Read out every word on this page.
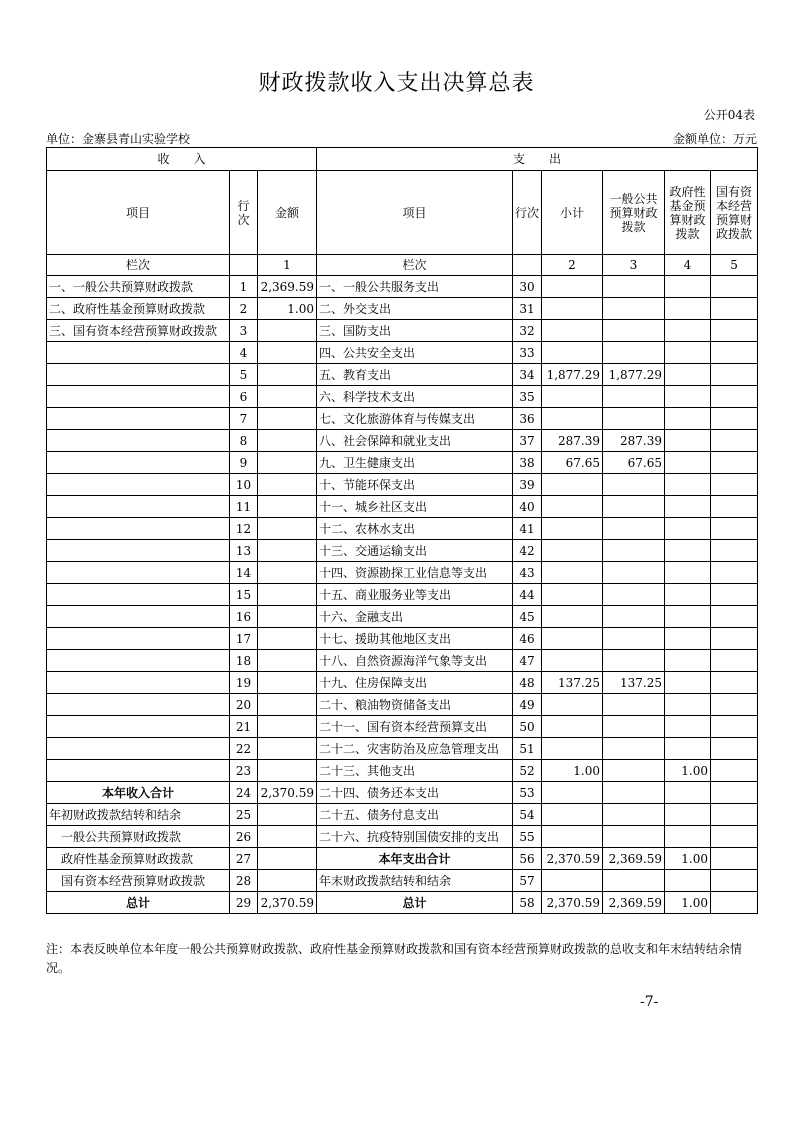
财政拨款收入支出决算总表
公开04表
单位：金寨县青山实验学校	金额单位：万元
收　　入			支　　出					
项目	行次	金额	项目	行次	小计	一般公共预算财政拨款	政府性基金预算财政拨款	国有资本经营预算财政拨款
栏次		1	栏次		2	3	4	5
一、一般公共预算财政拨款	1	2,369.59	一、一般公共服务支出	30				
二、政府性基金预算财政拨款	2	1.00	二、外交支出	31				
三、国有资本经营预算财政拨款	3		三、国防支出	32				
	4		四、公共安全支出	33				
	5		五、教育支出	34	1,877.29	1,877.29		
	6		六、科学技术支出	35				
	7		七、文化旅游体育与传媒支出	36				
	8		八、社会保障和就业支出	37	287.39	287.39		
	9		九、卫生健康支出	38	67.65	67.65		
	10		十、节能环保支出	39				
	11		十一、城乡社区支出	40				
	12		十二、农林水支出	41				
	13		十三、交通运输支出	42				
	14		十四、资源勘探工业信息等支出	43				
	15		十五、商业服务业等支出	44				
	16		十六、金融支出	45				
	17		十七、援助其他地区支出	46				
	18		十八、自然资源海洋气象等支出	47				
	19		十九、住房保障支出	48	137.25	137.25		
	20		二十、粮油物资储备支出	49				
	21		二十一、国有资本经营预算支出	50				
	22		二十二、灾害防治及应急管理支出	51				
	23		二十三、其他支出	52	1.00		1.00	
本年收入合计	24	2,370.59	二十四、债务还本支出	53				
年初财政拨款结转和结余	25		二十五、债务付息支出	54				
一般公共预算财政拨款	26		二十六、抗疫特别国债安排的支出	55				
政府性基金预算财政拨款	27		本年支出合计	56	2,370.59	2,369.59	1.00	
国有资本经营预算财政拨款	28		年末财政拨款结转和结余	57				
总计	29	2,370.59	总计	58	2,370.59	2,369.59	1.00	
注：本表反映单位本年度一般公共预算财政拨款、政府性基金预算财政拨款和国有资本经营预算财政拨款的总收支和年末结转结余情况。
-7-
